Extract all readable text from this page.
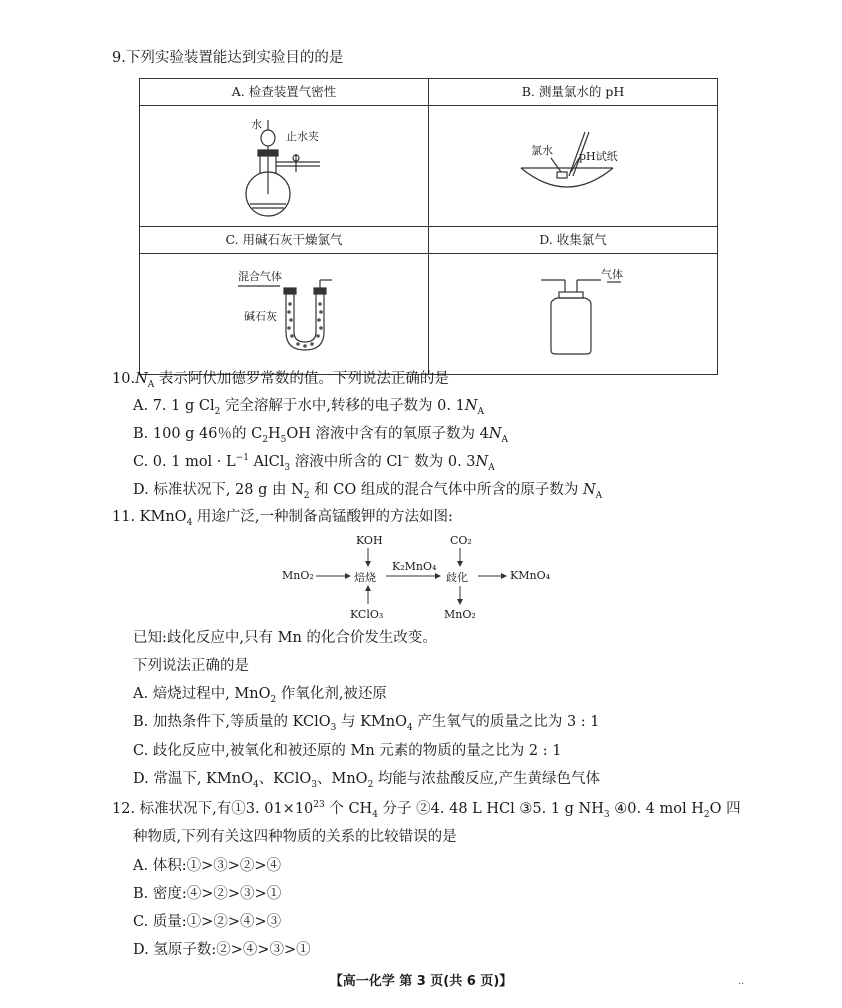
9.下列实验装置能达到实验目的的是
A. 检查装置气密性	B. 测量氯水的 pH

水
止水夹	氯水 pH试纸

C. 用碱石灰干燥氯气	D. 收集氯气

混合气体
碱石灰	气体
$10.N_A$ 表示阿伏加德罗常数的值。下列说法正确的是
A. 7. 1 g $Cl_2$ 完全溶解于水中,转移的电子数为 0. $1N_A$
B. 100 g 46％的 $C_2H_5OH$ 溶液中含有的氧原子数为 $4N_A$
C. 0. 1 mol · $L^{-1}$ AlCl$_3$ 溶液中所含的 Cl− 数为 0. $3N_A$
D. 标准状况下, 28 g 由 $N_2$ 和 CO 组成的混合气体中所含的原子数为 $N_A$
11. KMnO$_4$ 用途广泛,一种制备高锰酸钾的方法如图:
KOH	CO₂
MnO₂	焙烧
K₂MnO₄
歧化	KMnO₄
KClO₃	MnO₂
已知:歧化反应中,只有 Mn 的化合价发生改变。
下列说法正确的是
A. 焙烧过程中, MnO$_2$ 作氧化剂,被还原
B. 加热条件下,等质量的 KClO$_3$ 与 KMnO$_4$ 产生氧气的质量之比为 3 : 1
C. 歧化反应中,被氧化和被还原的 Mn 元素的物质的量之比为 2 : 1
D. 常温下, KMnO$_4$、KClO$_3$、MnO$_2$ 均能与浓盐酸反应,产生黄绿色气体
12. 标准状况下,有①3. $01\times 10^{23}$ 个 $CH_4$ 分子 ②4. 48 L HCl ③5. 1 g $NH_3$ ④0. 4 mol $H_2O$ 四
种物质,下列有关这四种物质的关系的比较错误的是
A. 体积:①>③>②>④
B. 密度:④>②>③>①
C. 质量:①>②>④>③
D. 氢原子数:②>④>③>①
【高一化学 第 3 页(共 6 页)】	..
